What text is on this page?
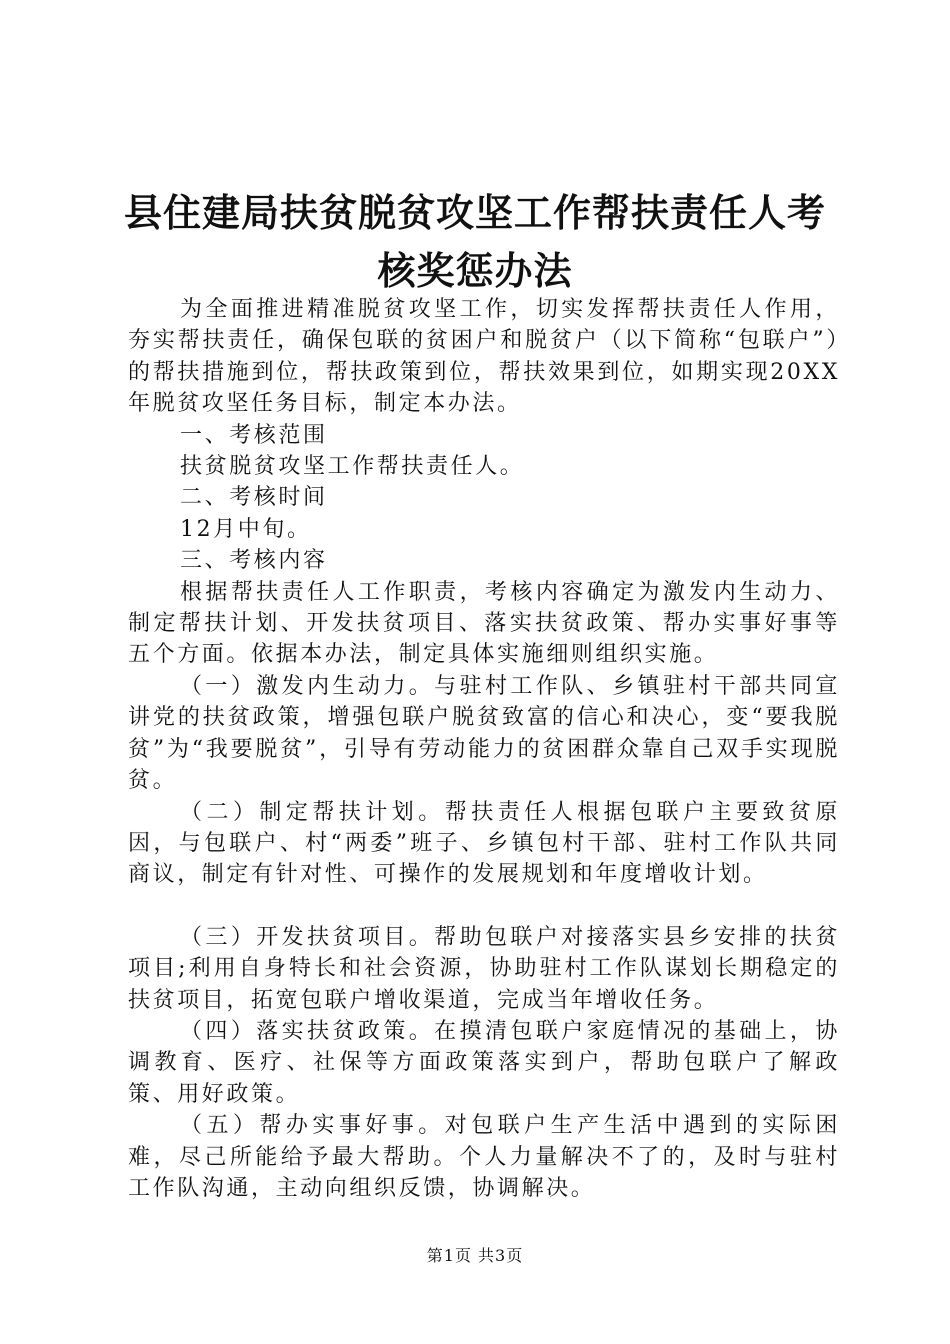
县住建局扶贫脱贫攻坚工作帮扶责任人考核奖惩办法

为全面推进精准脱贫攻坚工作，切实发挥帮扶责任人作用，夯实帮扶责任，确保包联的贫困户和脱贫户（以下简称“包联户”）的帮扶措施到位，帮扶政策到位，帮扶效果到位，如期实现20XX年脱贫攻坚任务目标，制定本办法。

一、考核范围

扶贫脱贫攻坚工作帮扶责任人。

二、考核时间

12月中旬。

三、考核内容

根据帮扶责任人工作职责，考核内容确定为激发内生动力、制定帮扶计划、开发扶贫项目、落实扶贫政策、帮办实事好事等五个方面。依据本办法，制定具体实施细则组织实施。

（一）激发内生动力。与驻村工作队、乡镇驻村干部共同宣讲党的扶贫政策，增强包联户脱贫致富的信心和决心，变“要我脱贫”为“我要脱贫”，引导有劳动能力的贫困群众靠自己双手实现脱贫。

（二）制定帮扶计划。帮扶责任人根据包联户主要致贫原因，与包联户、村“两委”班子、乡镇包村干部、驻村工作队共同商议，制定有针对性、可操作的发展规划和年度增收计划。

（三）开发扶贫项目。帮助包联户对接落实县乡安排的扶贫项目;利用自身特长和社会资源，协助驻村工作队谋划长期稳定的扶贫项目，拓宽包联户增收渠道，完成当年增收任务。

（四）落实扶贫政策。在摸清包联户家庭情况的基础上，协调教育、医疗、社保等方面政策落实到户，帮助包联户了解政策、用好政策。

（五）帮办实事好事。对包联户生产生活中遇到的实际困难，尽己所能给予最大帮助。个人力量解决不了的，及时与驻村工作队沟通，主动向组织反馈，协调解决。

第1页 共3页
